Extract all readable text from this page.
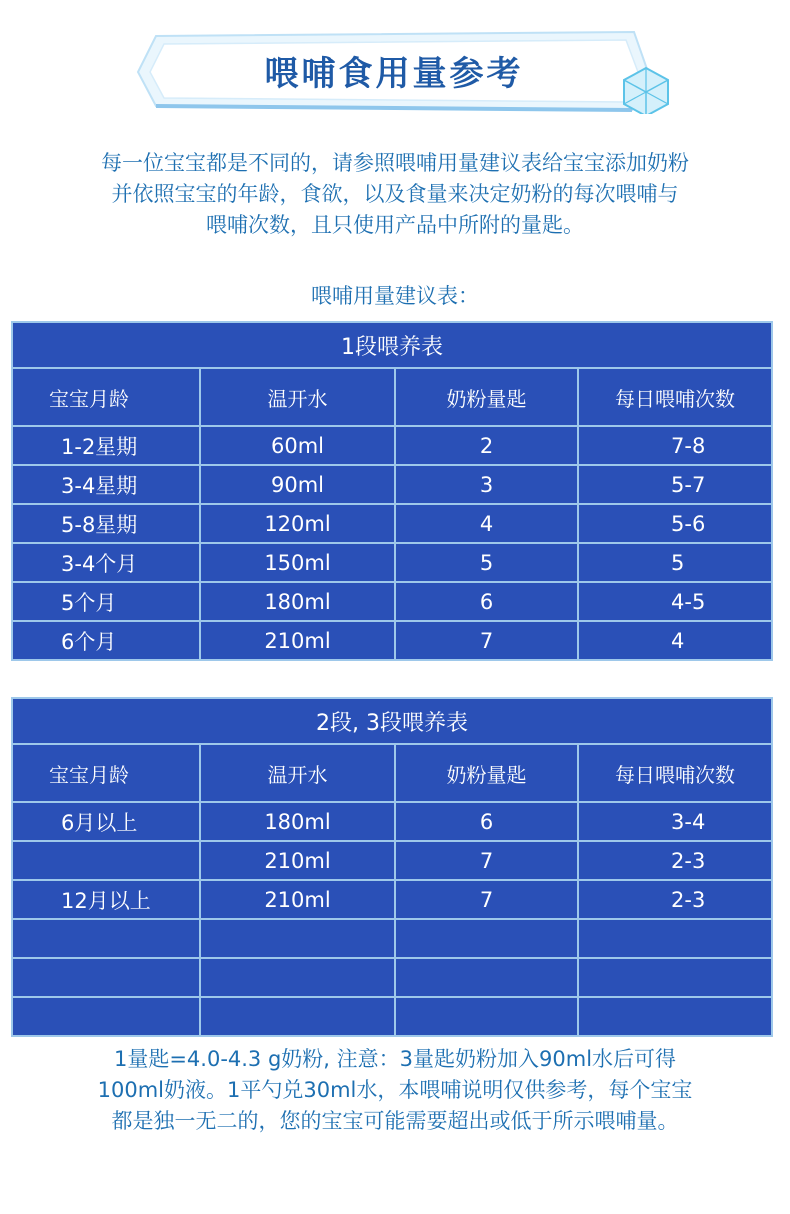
喂哺食用量参考
每一位宝宝都是不同的，请参照喂哺用量建议表给宝宝添加奶粉
并依照宝宝的年龄，食欲，以及食量来决定奶粉的每次喂哺与
喂哺次数，且只使用产品中所附的量匙。
喂哺用量建议表：
1段喂养表			
宝宝月龄	温开水	奶粉量匙	每日喂哺次数
1-2星期	60ml	2	7-8
3-4星期	90ml	3	5-7
5-8星期	120ml	4	5-6
3-4个月	150ml	5	5
5个月	180ml	6	4-5
6个月	210ml	7	4
2段, 3段喂养表			
宝宝月龄	温开水	奶粉量匙	每日喂哺次数
6月以上	180ml	6	3-4
	210ml	7	2-3
12月以上	210ml	7	2-3

1量匙=4.0-4.3 g奶粉, 注意：3量匙奶粉加入90ml水后可得
100ml奶液。1平勺兑30ml水，本喂哺说明仅供参考，每个宝宝
都是独一无二的，您的宝宝可能需要超出或低于所示喂哺量。
